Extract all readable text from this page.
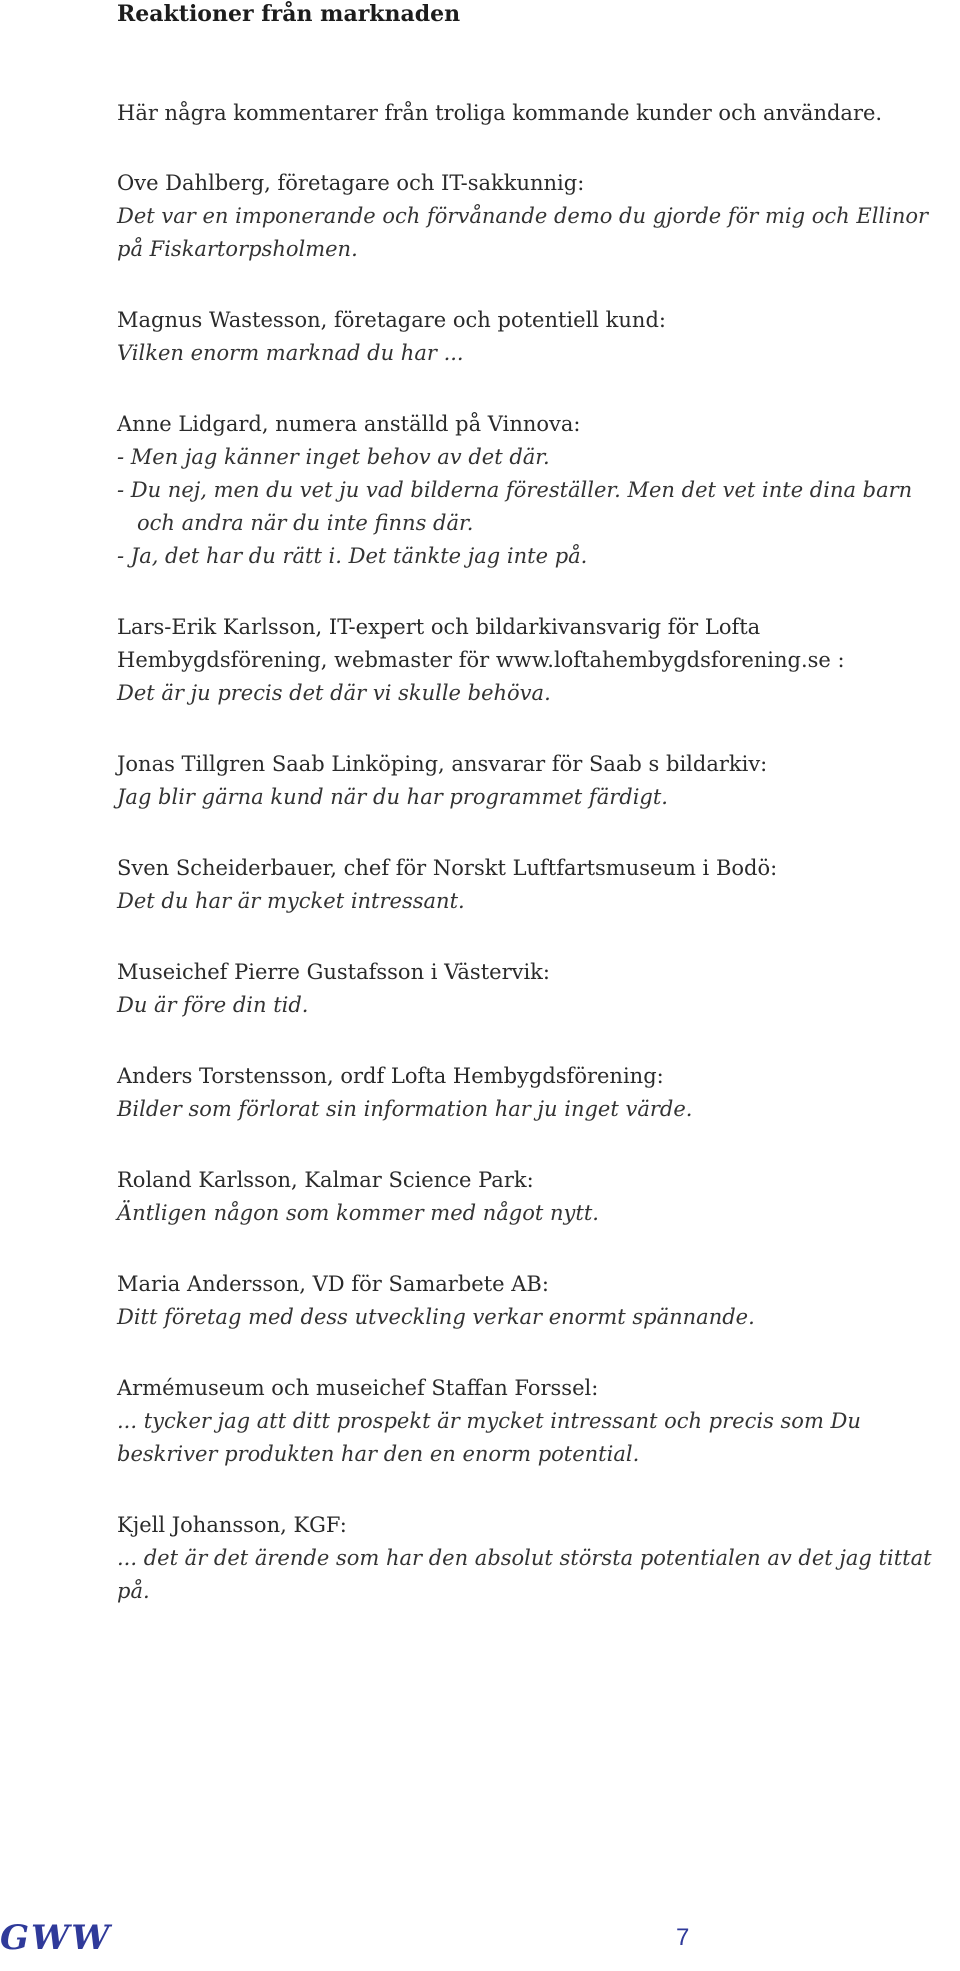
Reaktioner från marknaden
Här några kommentarer från troliga kommande kunder och användare.
Ove Dahlberg, företagare och IT-sakkunnig:
Det var en imponerande och förvånande demo du gjorde för mig och Ellinor på Fiskartorpsholmen.
Magnus Wastesson, företagare och potentiell kund:
Vilken enorm marknad du har ...
Anne Lidgard, numera anställd på Vinnova:
- Men jag känner inget behov av det där.
- Du nej, men du vet ju vad bilderna föreställer. Men det vet inte dina barn och andra när du inte finns där.
- Ja, det har du rätt i. Det tänkte jag inte på.
Lars-Erik Karlsson, IT-expert och bildarkivansvarig för Lofta Hembygdsförening, webmaster för www.loftahembygdsforening.se :
Det är ju precis det där vi skulle behöva.
Jonas Tillgren Saab Linköping, ansvarar för Saab s bildarkiv:
Jag blir gärna kund när du har programmet färdigt.
Sven Scheiderbauer, chef för Norskt Luftfartsmuseum i Bodö:
Det du har är mycket intressant.
Museichef Pierre Gustafsson i Västervik:
Du är före din tid.
Anders Torstensson, ordf Lofta Hembygdsförening:
Bilder som förlorat sin information har ju inget värde.
Roland Karlsson, Kalmar Science Park:
Äntligen någon som kommer med något nytt.
Maria Andersson, VD för Samarbete AB:
Ditt företag med dess utveckling verkar enormt spännande.
Armémuseum och museichef Staffan Forssel:
... tycker jag att ditt prospekt är mycket intressant och precis som Du beskriver produkten har den en enorm potential.
Kjell Johansson, KGF:
... det är det ärende som har den absolut största potentialen av det jag tittat på.
GWW	7
